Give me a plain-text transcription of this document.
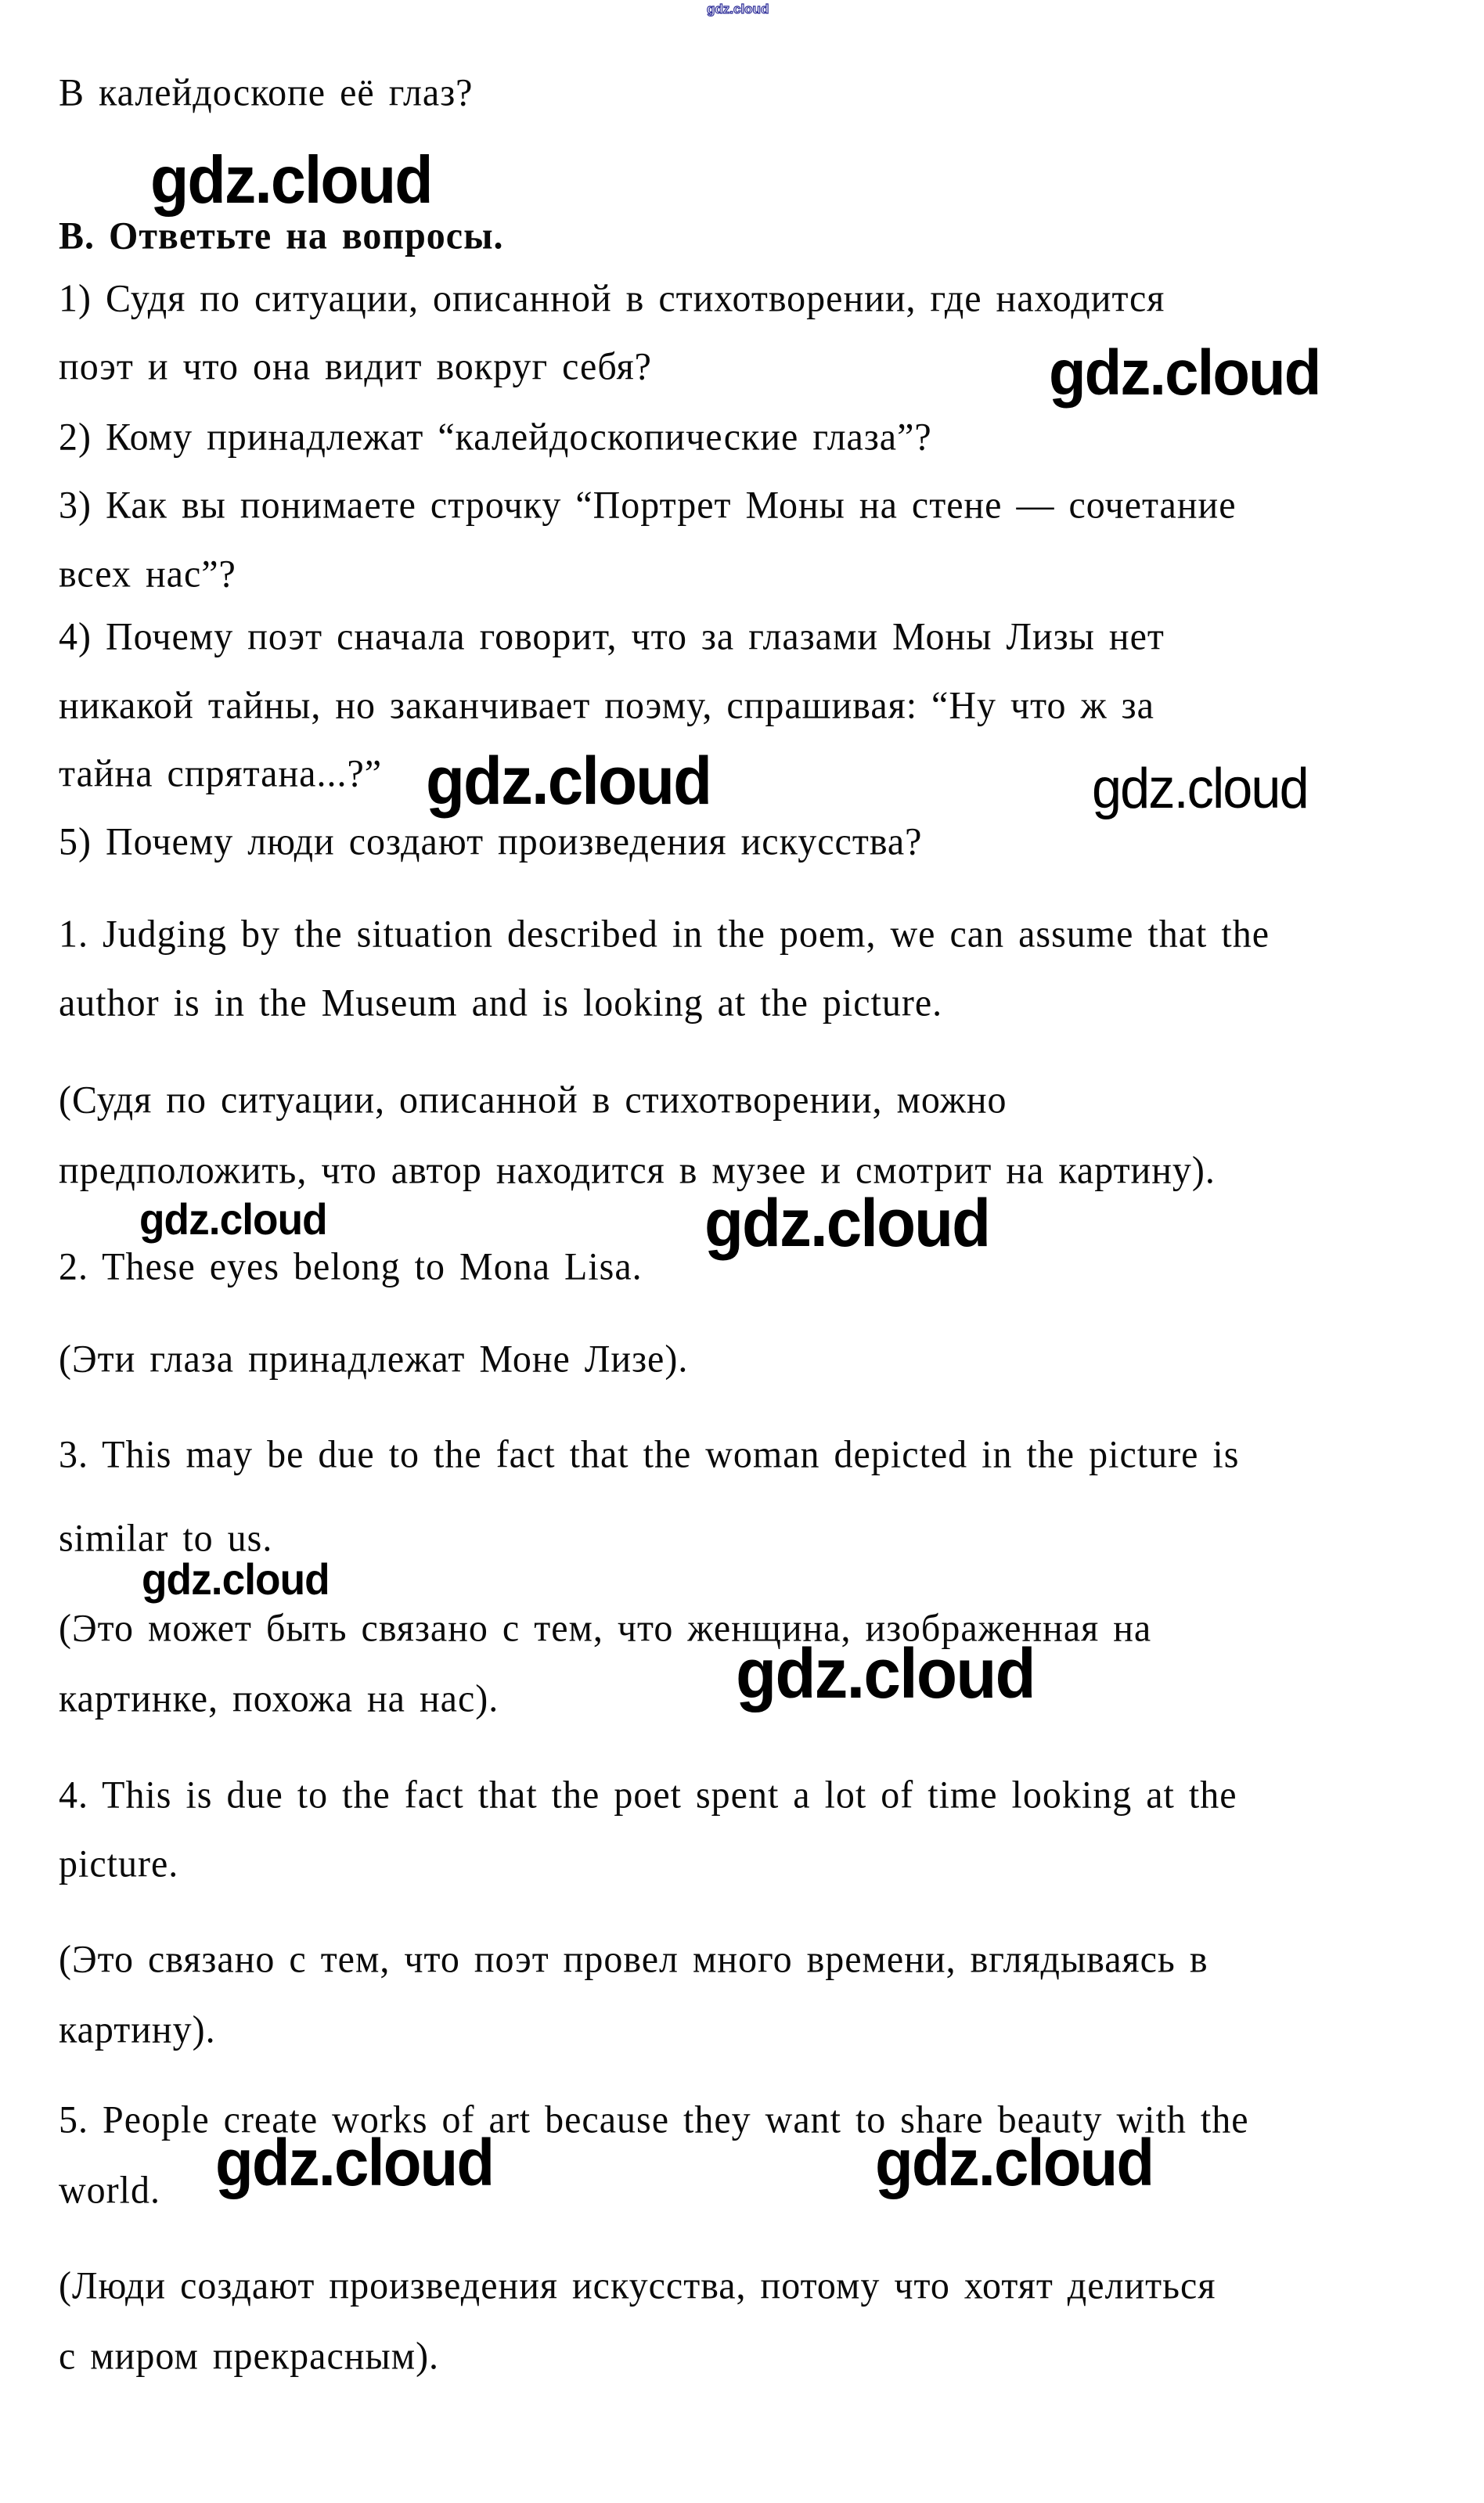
gdz.cloud
В калейдоскопе её глаз?
gdz.cloud
В. Ответьте на вопросы.
1) Судя по ситуации, описанной в стихотворении, где находится
поэт и что она видит вокруг себя?	gdz.cloud
2) Кому принадлежат “калейдоскопические глаза”?
3) Как вы понимаете строчку “Портрет Моны на стене — сочетание
всех нас”?
4) Почему поэт сначала говорит, что за глазами Моны Лизы нет
никакой тайны, но заканчивает поэму, спрашивая: “Ну что ж за
тайна спрятана...?” gdz.cloud	gdz.cloud
5) Почему люди создают произведения искусства?
1. Judging by the situation described in the poem, we can assume that the
author is in the Museum and is looking at the picture.
(Судя по ситуации, описанной в стихотворении, можно
предположить, что автор находится в музее и смотрит на картину).
gdz.cloud	gdz.cloud
2. These eyes belong to Mona Lisa.
(Эти глаза принадлежат Моне Лизе).
3. This may be due to the fact that the woman depicted in the picture is
similar to us.
gdz.cloud
(Это может быть связано с тем, что женщина, изображенная на
картинке, похожа на нас).	gdz.cloud
4. This is due to the fact that the poet spent a lot of time looking at the
picture.
(Это связано с тем, что поэт провел много времени, вглядываясь в
картину).
5. People create works of art because they want to share beauty with the
world. gdz.cloud	gdz.cloud
(Люди создают произведения искусства, потому что хотят делиться
с миром прекрасным).
